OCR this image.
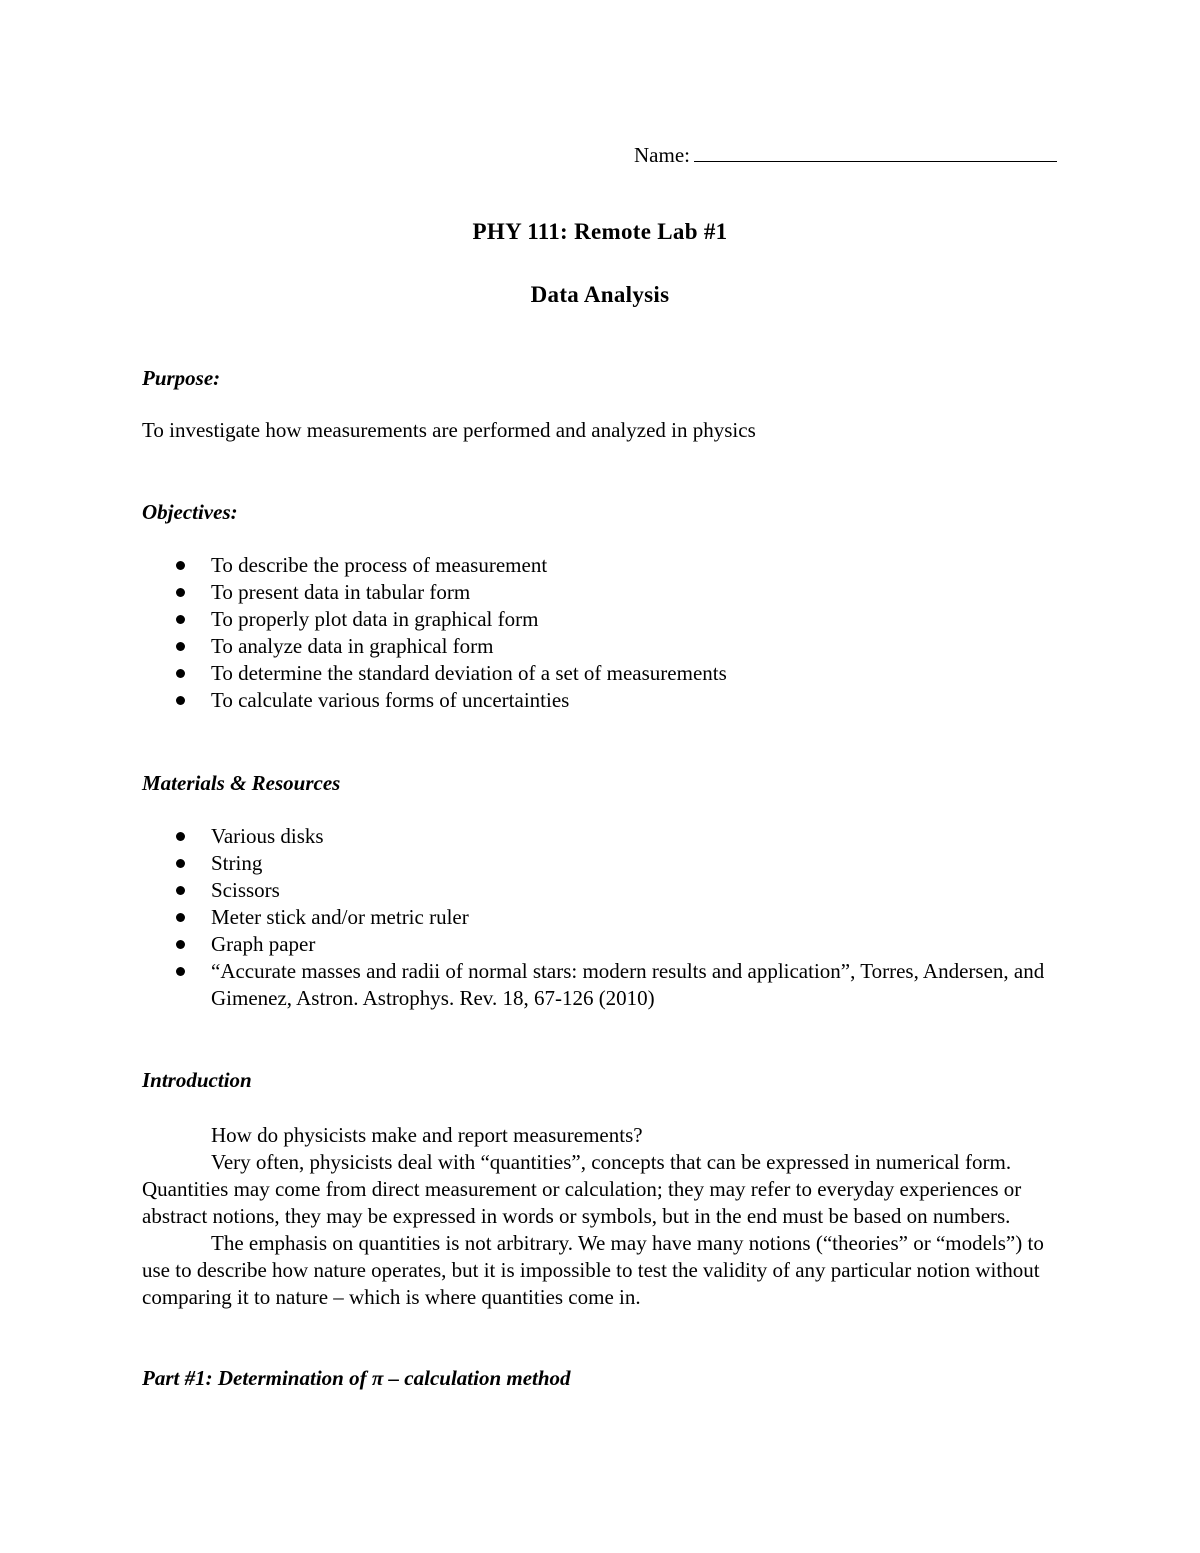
Name:
PHY 111: Remote Lab #1
Data Analysis
Purpose:
To investigate how measurements are performed and analyzed in physics
Objectives:
To describe the process of measurement
To present data in tabular form
To properly plot data in graphical form
To analyze data in graphical form
To determine the standard deviation of a set of measurements
To calculate various forms of uncertainties
Materials & Resources
Various disks
String
Scissors
Meter stick and/or metric ruler
Graph paper
“Accurate masses and radii of normal stars: modern results and application”, Torres, Andersen, and Gimenez, Astron. Astrophys. Rev. 18, 67-126 (2010)
Introduction

How do physicists make and report measurements?

Very often, physicists deal with “quantities”, concepts that can be expressed in numerical form. Quantities may come from direct measurement or calculation; they may refer to everyday experiences or abstract notions, they may be expressed in words or symbols, but in the end must be based on numbers.

The emphasis on quantities is not arbitrary. We may have many notions (“theories” or “models”) to use to describe how nature operates, but it is impossible to test the validity of any particular notion without comparing it to nature – which is where quantities come in.

Part #1: Determination of π – calculation method
